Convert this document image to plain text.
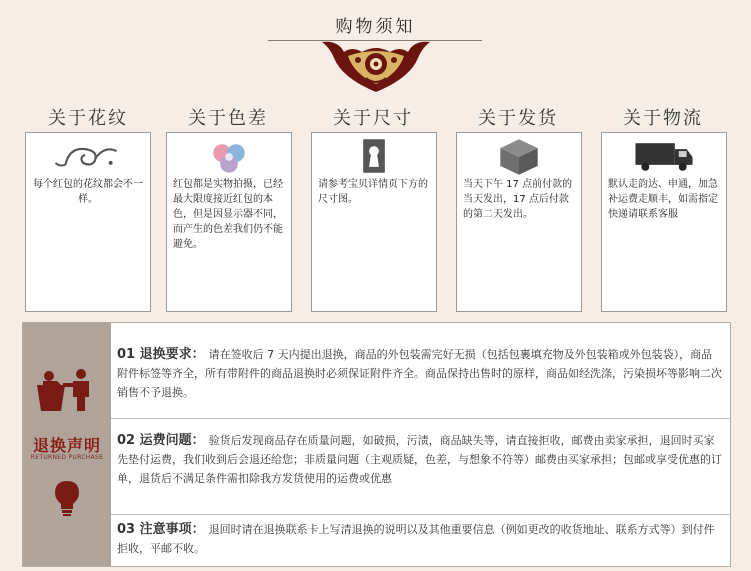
购物须知
关于花纹
每个红包的花纹都会不一样。
关于色差
红包都是实物拍摄，已经最大限度接近红包的本色，但是因显示器不同，而产生的色差我们仍不能避免。
关于尺寸
请参考宝贝详情页下方的尺寸图。
关于发货
当天下午 17 点前付款的当天发出，17 点后付款的第二天发出。
关于物流
默认走韵达、申通，加急补运费走顺丰，如需指定快递请联系客服
退换声明
RETURNED PURCHASE

01 退换要求： 请在签收后 7 天内提出退换，商品的外包装需完好无损（包括包裹填充物及外包装箱或外包装袋），商品附件标签等齐全，所有带附件的商品退换时必须保证附件齐全。商品保持出售时的原样，商品如经洗涤，污染损坏等影响二次销售不予退换。

02 运费问题： 验货后发现商品存在质量问题，如破损，污渍，商品缺失等，请直接拒收，邮费由卖家承担，退回时买家先垫付运费，我们收到后会退还给您；非质量问题（主观质疑，色差，与想象不符等）邮费由买家承担；包邮或享受优惠的订单，退货后不满足条件需扣除我方发货使用的运费或优惠

03 注意事项： 退回时请在退换联系卡上写清退换的说明以及其他重要信息（例如更改的收货地址、联系方式等）到付件拒收，平邮不收。
